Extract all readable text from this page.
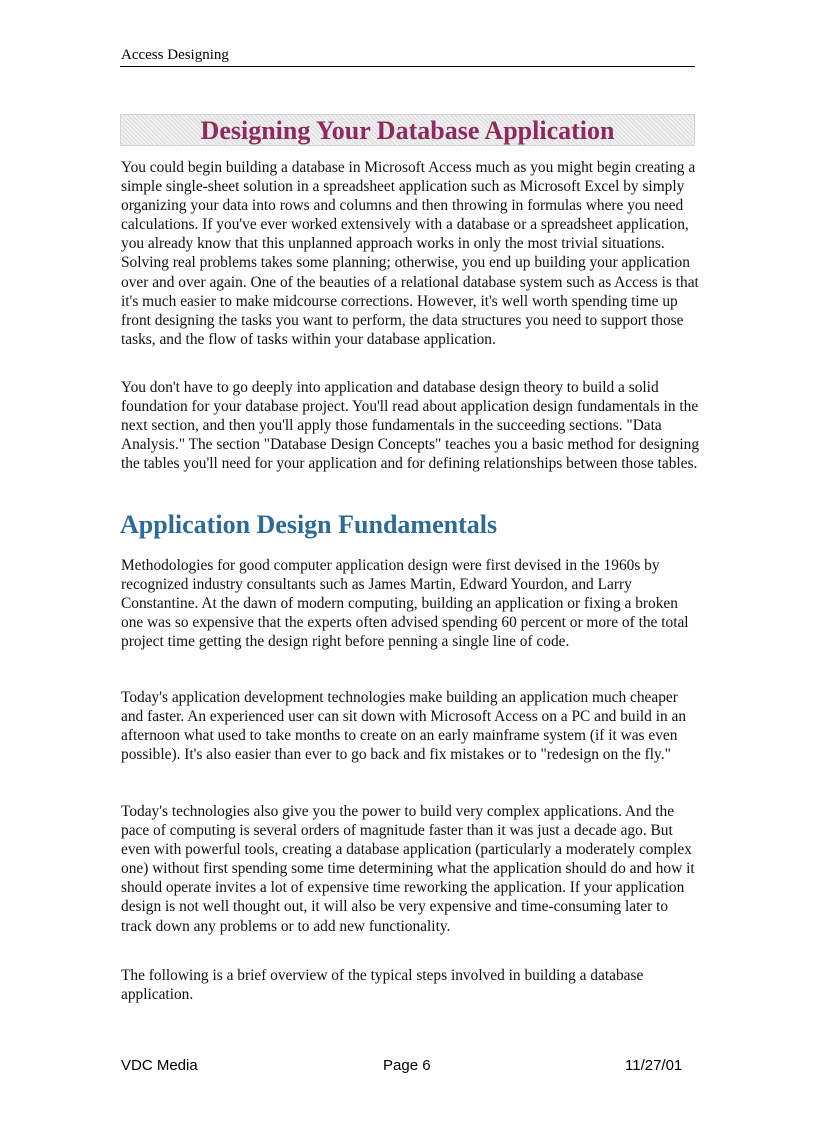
Access Designing
Designing Your Database Application

You could begin building a database in Microsoft Access much as you might begin creating a simple single-sheet solution in a spreadsheet application such as Microsoft Excel by simply organizing your data into rows and columns and then throwing in formulas where you need calculations. If you've ever worked extensively with a database or a spreadsheet application, you already know that this unplanned approach works in only the most trivial situations. Solving real problems takes some planning; otherwise, you end up building your application over and over again. One of the beauties of a relational database system such as Access is that it's much easier to make midcourse corrections. However, it's well worth spending time up front designing the tasks you want to perform, the data structures you need to support those tasks, and the flow of tasks within your database application.

You don't have to go deeply into application and database design theory to build a solid foundation for your database project. You'll read about application design fundamentals in the next section, and then you'll apply those fundamentals in the succeeding sections. "Data Analysis." The section "Database Design Concepts" teaches you a basic method for designing the tables you'll need for your application and for defining relationships between those tables.

Application Design Fundamentals

Methodologies for good computer application design were first devised in the 1960s by recognized industry consultants such as James Martin, Edward Yourdon, and Larry Constantine. At the dawn of modern computing, building an application or fixing a broken one was so expensive that the experts often advised spending 60 percent or more of the total project time getting the design right before penning a single line of code.

Today's application development technologies make building an application much cheaper and faster. An experienced user can sit down with Microsoft Access on a PC and build in an afternoon what used to take months to create on an early mainframe system (if it was even possible). It's also easier than ever to go back and fix mistakes or to "redesign on the fly."

Today's technologies also give you the power to build very complex applications. And the pace of computing is several orders of magnitude faster than it was just a decade ago. But even with powerful tools, creating a database application (particularly a moderately complex one) without first spending some time determining what the application should do and how it should operate invites a lot of expensive time reworking the application. If your application design is not well thought out, it will also be very expensive and time-consuming later to track down any problems or to add new functionality.

The following is a brief overview of the typical steps involved in building a database application.

VDC Media	Page 6	11/27/01
